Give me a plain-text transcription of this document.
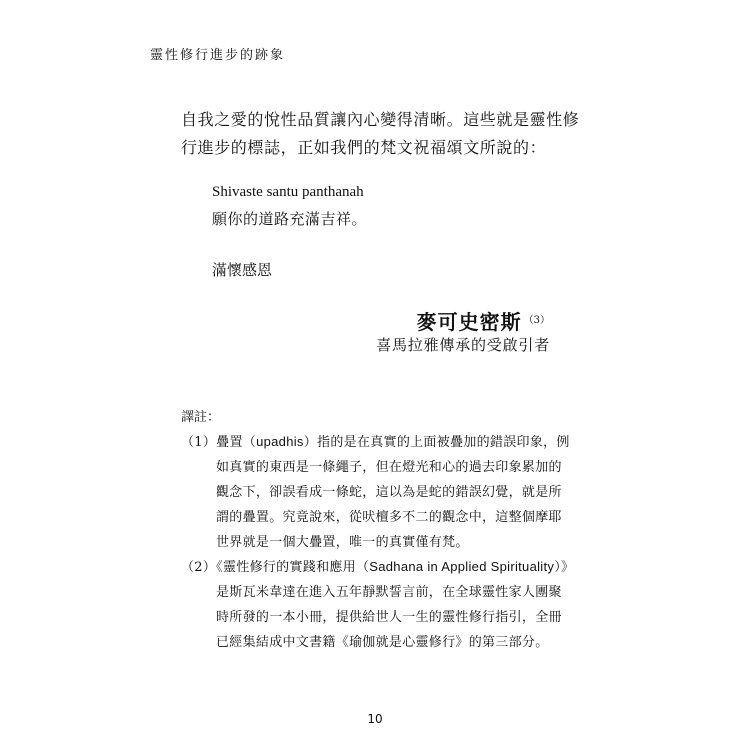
靈性修行進步的跡象
自我之愛的悅性品質讓內心變得清晰。這些就是靈性修
行進步的標誌，正如我們的梵文祝福頌文所說的：
Shivaste santu panthanah
願你的道路充滿吉祥。
滿懷感恩
麥可史密斯 $^{(3)}$
喜馬拉雅傳承的受啟引者
譯註：
（1）疊置（upadhis）指的是在真實的上面被疊加的錯誤印象，例
如真實的東西是一條繩子，但在燈光和心的過去印象累加的
觀念下，卻誤看成一條蛇，這以為是蛇的錯誤幻覺，就是所
謂的疊置。究竟說來，從吠檀多不二的觀念中，這整個摩耶
世界就是一個大疊置，唯一的真實僅有梵。
（2）《靈性修行的實踐和應用（Sadhana in Applied Spirituality）》
是斯瓦米韋達在進入五年靜默誓言前，在全球靈性家人團聚
時所發的一本小冊，提供給世人一生的靈性修行指引，全冊
已經集結成中文書籍《瑜伽就是心靈修行》的第三部分。
10
